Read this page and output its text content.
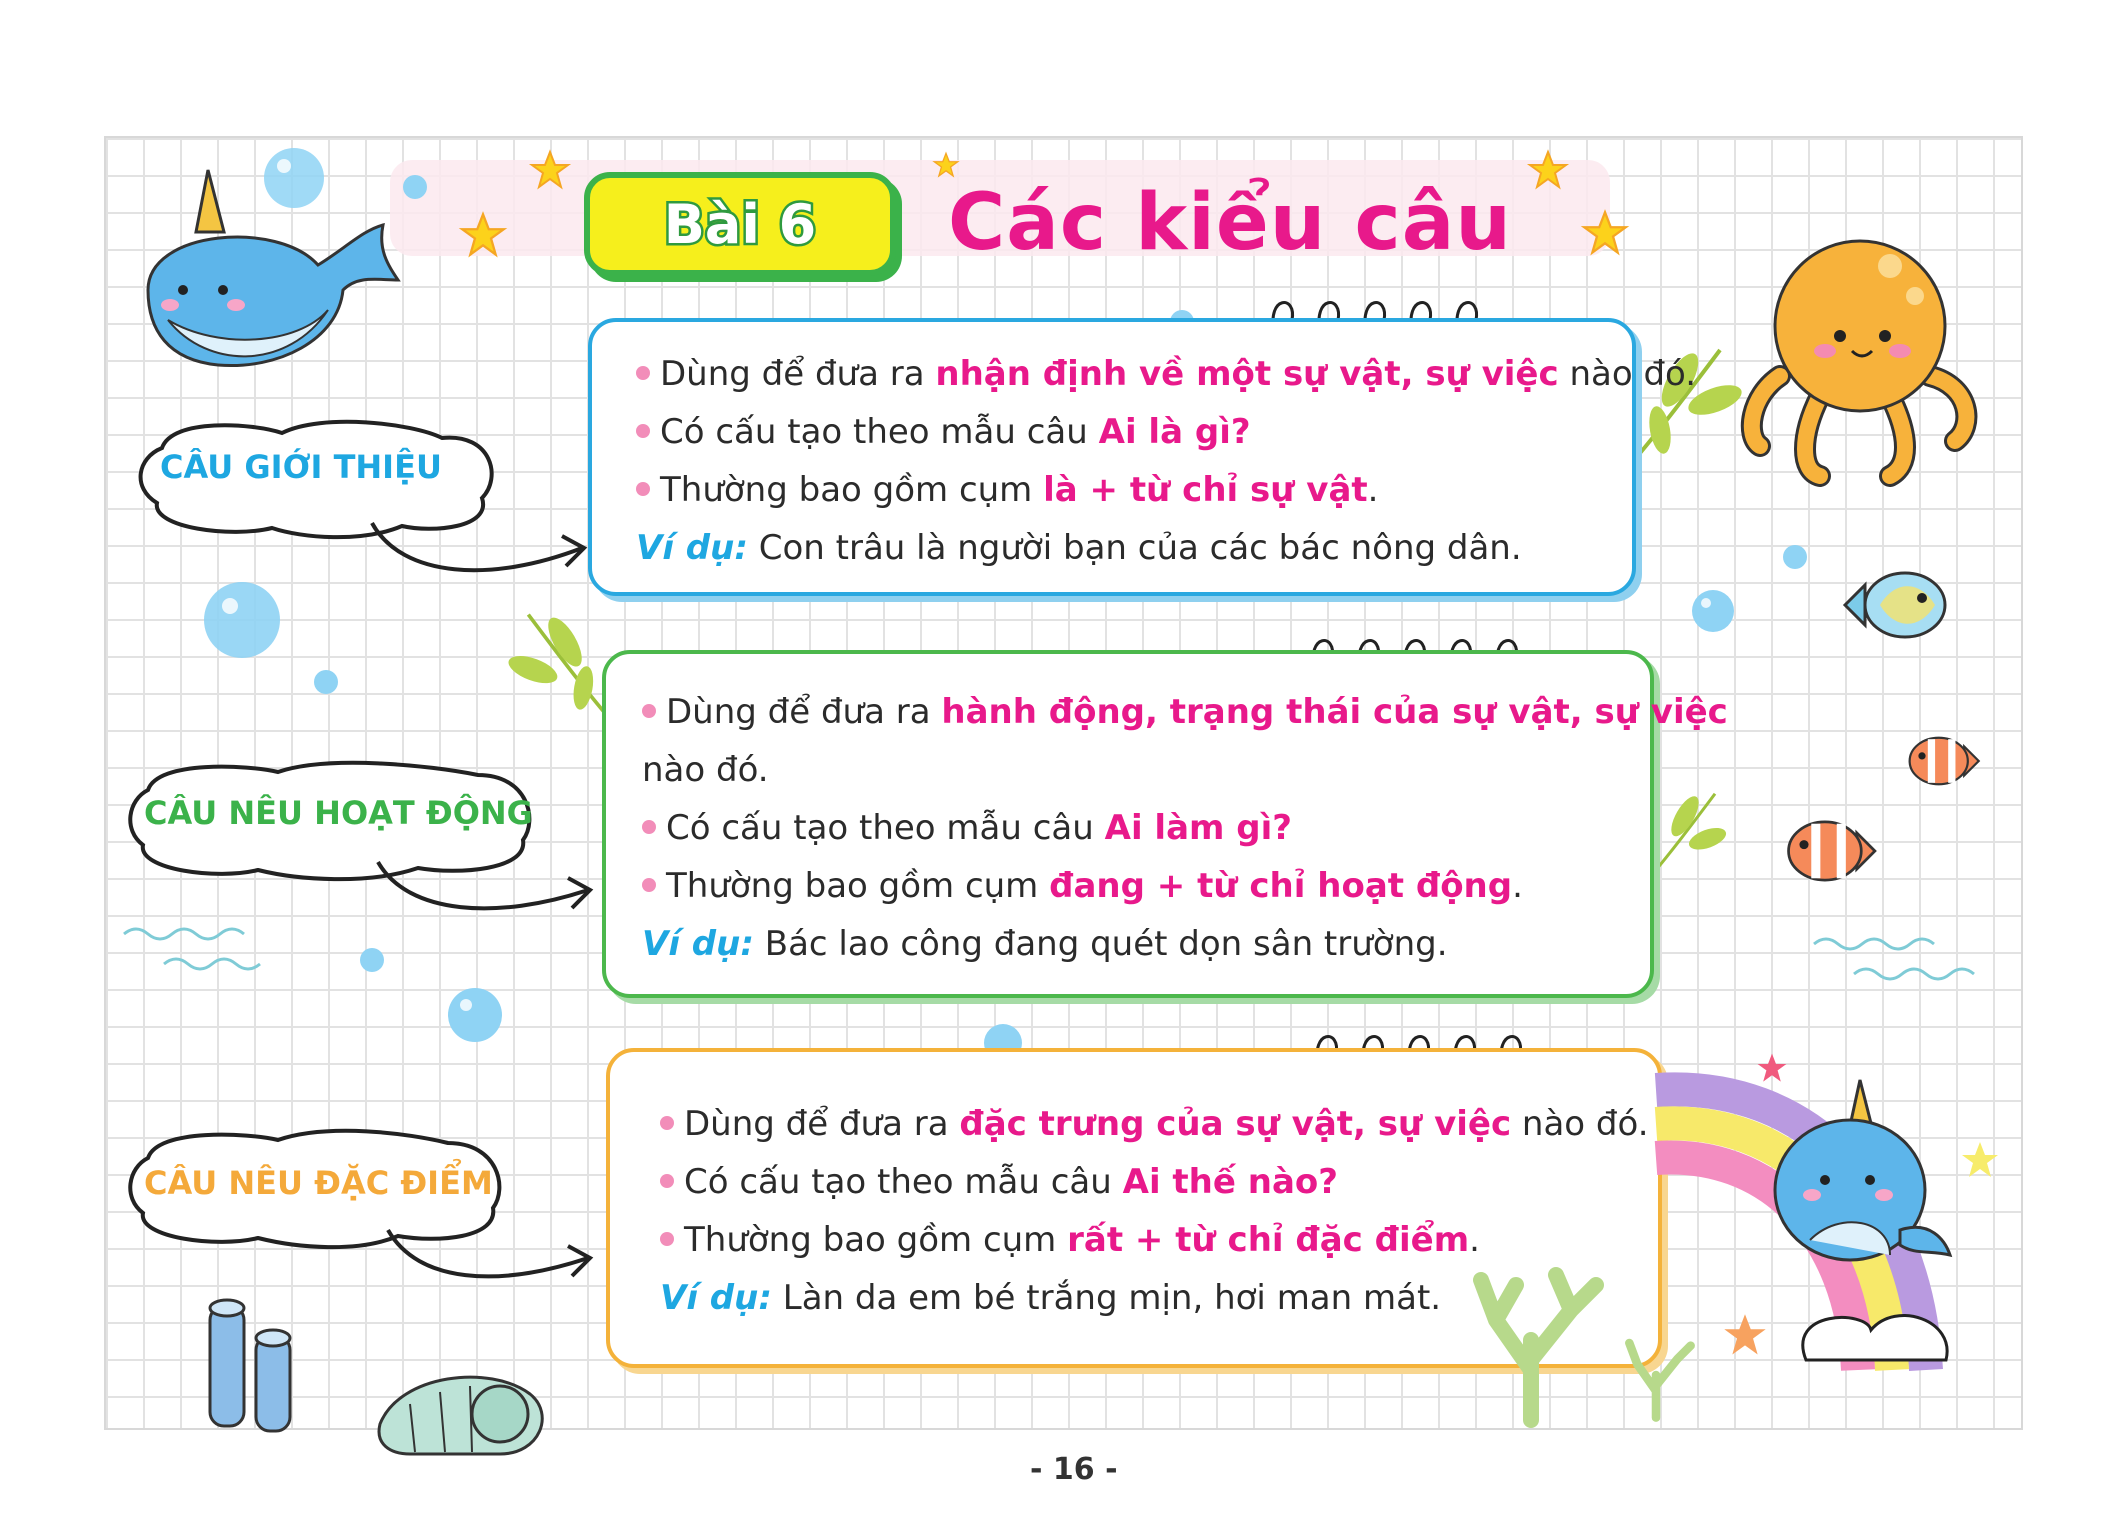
Bài 6 Các kiểu câu
CÂU GIỚI THIỆU
CÂU NÊU HOẠT ĐỘNG
CÂU NÊU ĐẶC ĐIỂM
Dùng để đưa ra nhận định về một sự vật, sự việc nào đó.
Có cấu tạo theo mẫu câu Ai là gì?
Thường bao gồm cụm là + từ chỉ sự vật.
Ví dụ: Con trâu là người bạn của các bác nông dân.
Dùng để đưa ra hành động, trạng thái của sự vật, sự việc
nào đó.
Có cấu tạo theo mẫu câu Ai làm gì?
Thường bao gồm cụm đang + từ chỉ hoạt động.
Ví dụ: Bác lao công đang quét dọn sân trường.
Dùng để đưa ra đặc trưng của sự vật, sự việc nào đó.
Có cấu tạo theo mẫu câu Ai thế nào?
Thường bao gồm cụm rất + từ chỉ đặc điểm.
Ví dụ: Làn da em bé trắng mịn, hơi man mát.
- 16 -
